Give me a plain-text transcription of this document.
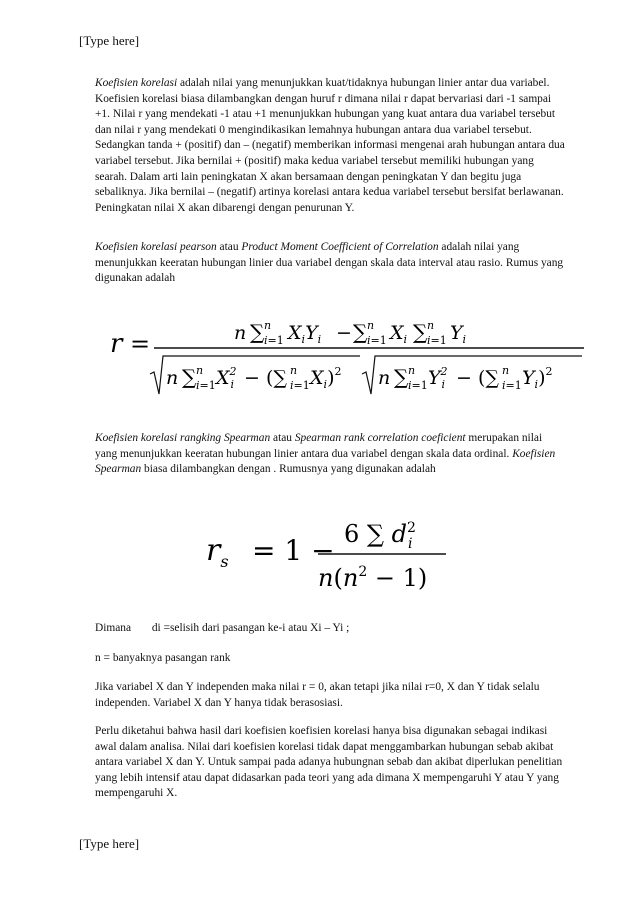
[Type here]

Koefisien korelasi adalah nilai yang menunjukkan kuat/tidaknya hubungan linier antar dua variabel. Koefisien korelasi biasa dilambangkan dengan huruf r dimana nilai r dapat bervariasi dari -1 sampai +1. Nilai r yang mendekati -1 atau +1 menunjukkan hubungan yang kuat antara dua variabel tersebut dan nilai r yang mendekati 0 mengindikasikan lemahnya hubungan antara dua variabel tersebut. Sedangkan tanda + (positif) dan – (negatif) memberikan informasi mengenai arah hubungan antara dua variabel tersebut. Jika bernilai + (positif) maka kedua variabel tersebut memiliki hubungan yang searah. Dalam arti lain peningkatan X akan bersamaan dengan peningkatan Y dan begitu juga sebaliknya. Jika bernilai – (negatif) artinya korelasi antara kedua variabel tersebut bersifat berlawanan. Peningkatan nilai X akan dibarengi dengan penurunan Y.

Koefisien korelasi pearson atau Product Moment Coefficient of Correlation adalah nilai yang menunjukkan keeratan hubungan linier dua variabel dengan skala data interval atau rasio. Rumus yang digunakan adalah

r =	n ∑ n
i=1 $X_iY_i$ − ∑ n
i=1 $X_i$ ∑ n
i=1 $Y_i$
n ∑ n
i=1 $X^2$ i − (∑ n
i=1 $X_i)^2$ n ∑ n
i=1 $Y^2$ i − (∑ n
i=1 $Y_i)^2$

Koefisien korelasi rangking Spearman atau Spearman rank correlation coeficient merupakan nilai yang menunjukkan keeratan hubungan linier antara dua variabel dengan skala data ordinal. Koefisien Spearman biasa dilambangkan dengan . Rumusnya yang digunakan adalah

$r_s = 1 - 6$ ∑ $d^2$ i
$n(n^2 - 1)$
Dimana di =selisih dari pasangan ke-i atau Xi – Yi ;

n = banyaknya pasangan rank

Jika variabel X dan Y independen maka nilai r = 0, akan tetapi jika nilai r=0, X dan Y tidak selalu independen. Variabel X dan Y hanya tidak berasosiasi.

Perlu diketahui bahwa hasil dari koefisien koefisien korelasi hanya bisa digunakan sebagai indikasi awal dalam analisa. Nilai dari koefisien korelasi tidak dapat menggambarkan hubungan sebab akibat antara variabel X dan Y. Untuk sampai pada adanya hubungnan sebab dan akibat diperlukan penelitian yang lebih intensif atau dapat didasarkan pada teori yang ada dimana X mempengaruhi Y atau Y yang mempengaruhi X.

[Type here]
